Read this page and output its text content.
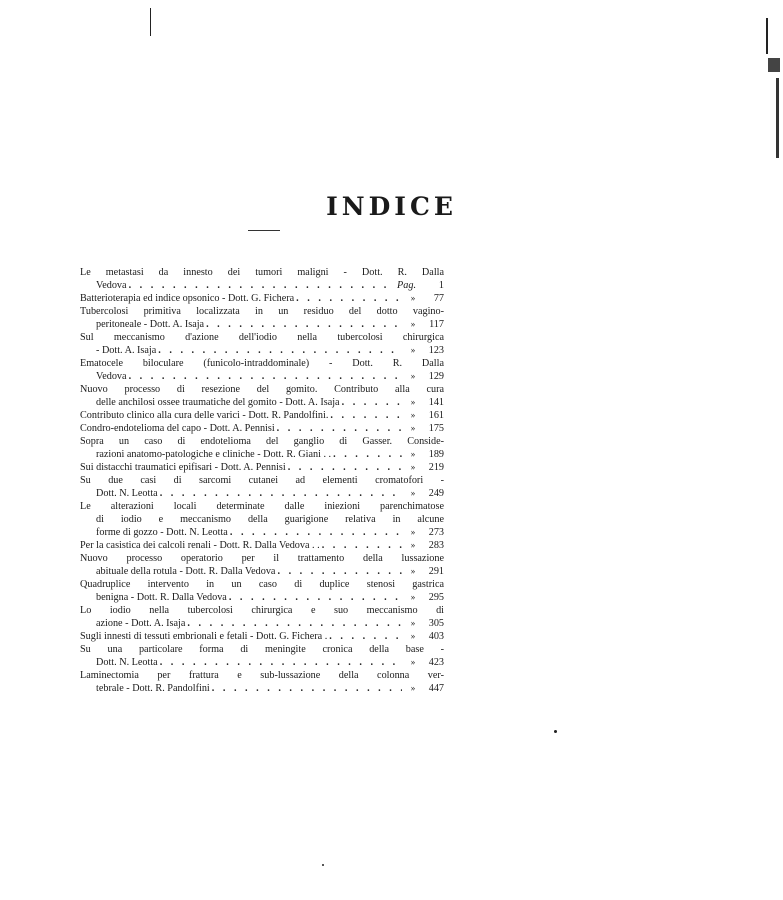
INDICE
Le metastasi da innesto dei tumori maligni - Dott. R. Dalla
Vedova . . .	Pag.	1
Batterioterapia ed indice opsonico - Dott. G. Fichera . . .	»	77
Tubercolosi primitiva localizzata in un residuo del dotto vagino-
peritoneale - Dott. A. Isaja . . .	»	117
Sul meccanismo d'azione dell'iodio nella tubercolosi chirurgica
- Dott. A. Isaja . . .	»	123
Ematocele biloculare (funicolo-intraddominale) - Dott. R. Dalla
Vedova . . .	»	129
Nuovo processo di resezione del gomito. Contributo alla cura
delle anchilosi ossee traumatiche del gomito - Dott. A. Isaja . . .	»	141
Contributo clinico alla cura delle varici - Dott. R. Pandolfini. . . .	»	161
Condro-endotelioma del capo - Dott. A. Pennisi . . .	»	175
Sopra un caso di endotelioma del ganglio di Gasser. Conside-
razioni anatomo-patologiche e cliniche - Dott. R. Giani . . . . .	»	189
Sui distacchi traumatici epifisari - Dott. A. Pennisi . . .	»	219
Su due casi di sarcomi cutanei ad elementi cromatofori -
Dott. N. Leotta . . .	»	249
Le alterazioni locali determinate dalle iniezioni parenchimatose
di iodio e meccanismo della guarigione relativa in alcune
forme di gozzo - Dott. N. Leotta . . .	»	273
Per la casistica dei calcoli renali - Dott. R. Dalla Vedova . . . . .	»	283
Nuovo processo operatorio per il trattamento della lussazione
abituale della rotula - Dott. R. Dalla Vedova . . .	»	291
Quadruplice intervento in un caso di duplice stenosi gastrica
benigna - Dott. R. Dalla Vedova . . .	»	295
Lo iodio nella tubercolosi chirurgica e suo meccanismo di
azione - Dott. A. Isaja . . .	»	305
Sugli innesti di tessuti embrionali e fetali - Dott. G. Fichera . . . .	»	403
Su una particolare forma di meningite cronica della base -
Dott. N. Leotta . . .	»	423
Laminectomia per frattura e sub-lussazione della colonna ver-
tebrale - Dott. R. Pandolfini . . .	»	447
